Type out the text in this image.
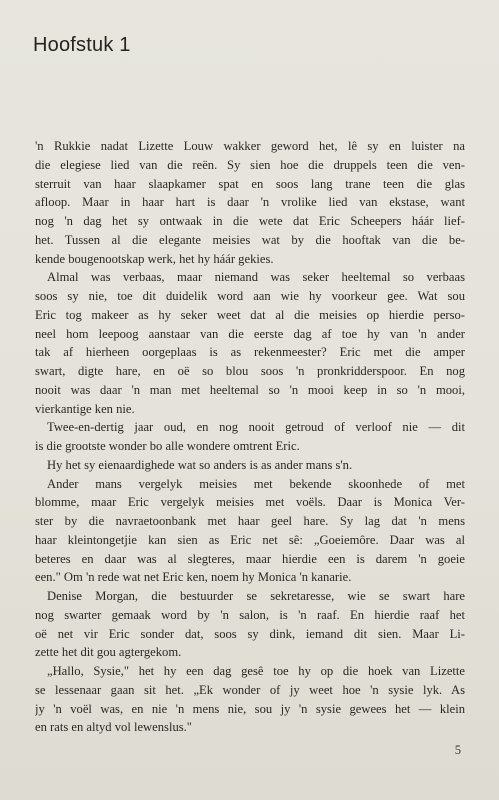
Hoofstuk 1
'n Rukkie nadat Lizette Louw wakker geword het, lê sy en luister na
die elegiese lied van die reën. Sy sien hoe die druppels teen die ven-
sterruit van haar slaapkamer spat en soos lang trane teen die glas
afloop. Maar in haar hart is daar 'n vrolike lied van ekstase, want
nog 'n dag het sy ontwaak in die wete dat Eric Scheepers háár lief-
het. Tussen al die elegante meisies wat by die hooftak van die be-
kende bougenootskap werk, het hy háár gekies.
Almal was verbaas, maar niemand was seker heeltemal so verbaas
soos sy nie, toe dit duidelik word aan wie hy voorkeur gee. Wat sou
Eric tog makeer as hy seker weet dat al die meisies op hierdie perso-
neel hom leepoog aanstaar van die eerste dag af toe hy van 'n ander
tak af hierheen oorgeplaas is as rekenmeester? Eric met die amper
swart, digte hare, en oë so blou soos 'n pronkridderspoor. En nog
nooit was daar 'n man met heeltemal so 'n mooi keep in so 'n mooi,
vierkantige ken nie.
Twee-en-dertig jaar oud, en nog nooit getroud of verloof nie — dit
is die grootste wonder bo alle wondere omtrent Eric.
Hy het sy eienaardighede wat so anders is as ander mans s'n.
Ander mans vergelyk meisies met bekende skoonhede of met
blomme, maar Eric vergelyk meisies met voëls. Daar is Monica Ver-
ster by die navraetoonbank met haar geel hare. Sy lag dat 'n mens
haar kleintongetjie kan sien as Eric net sê: „Goeiemôre. Daar was al
beteres en daar was al slegteres, maar hierdie een is darem 'n goeie
een." Om 'n rede wat net Eric ken, noem hy Monica 'n kanarie.
Denise Morgan, die bestuurder se sekretaresse, wie se swart hare
nog swarter gemaak word by 'n salon, is 'n raaf. En hierdie raaf het
oë net vir Eric sonder dat, soos sy dink, iemand dit sien. Maar Li-
zette het dit gou agtergekom.
„Hallo, Sysie," het hy een dag gesê toe hy op die hoek van Lizette
se lessenaar gaan sit het. „Ek wonder of jy weet hoe 'n sysie lyk. As
jy 'n voël was, en nie 'n mens nie, sou jy 'n sysie gewees het — klein
en rats en altyd vol lewenslus."
5
